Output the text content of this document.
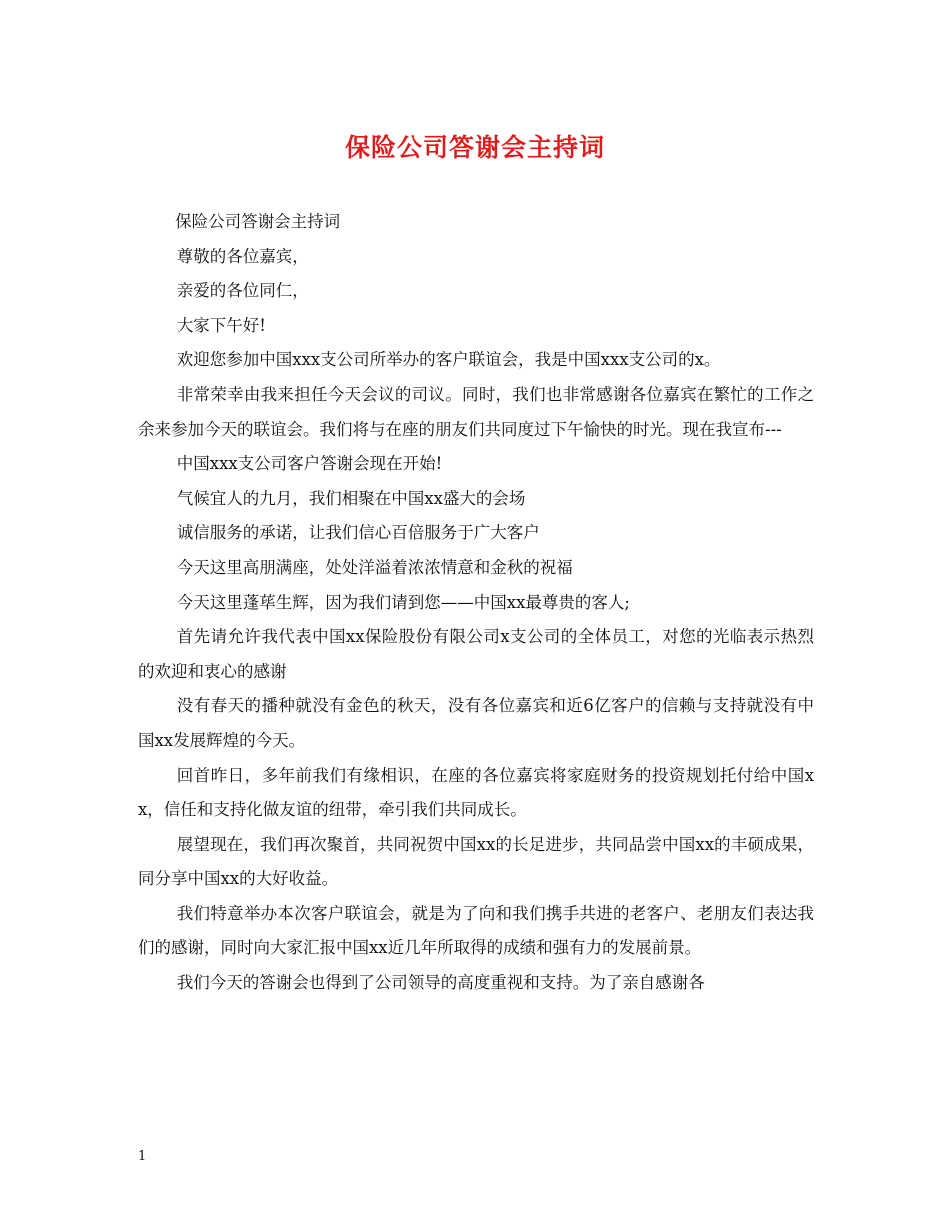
保险公司答谢会主持词

保险公司答谢会主持词

尊敬的各位嘉宾，

亲爱的各位同仁，

大家下午好!

欢迎您参加中国xxx支公司所举办的客户联谊会，我是中国xxx支公司的x。

非常荣幸由我来担任今天会议的司议。同时，我们也非常感谢各位嘉宾在繁忙的工作之余来参加今天的联谊会。我们将与在座的朋友们共同度过下午愉快的时光。现在我宣布---

中国xxx支公司客户答谢会现在开始!

气候宜人的九月，我们相聚在中国xx盛大的会场

诚信服务的承诺，让我们信心百倍服务于广大客户

今天这里高朋满座，处处洋溢着浓浓情意和金秋的祝福

今天这里蓬荜生辉，因为我们请到您——中国xx最尊贵的客人;

首先请允许我代表中国xx保险股份有限公司x支公司的全体员工，对您的光临表示热烈的欢迎和衷心的感谢

没有春天的播种就没有金色的秋天，没有各位嘉宾和近6亿客户的信赖与支持就没有中国xx发展辉煌的今天。

回首昨日，多年前我们有缘相识，在座的各位嘉宾将家庭财务的投资规划托付给中国xx，信任和支持化做友谊的纽带，牵引我们共同成长。

展望现在，我们再次聚首，共同祝贺中国xx的长足进步，共同品尝中国xx的丰硕成果，同分享中国xx的大好收益。

我们特意举办本次客户联谊会，就是为了向和我们携手共进的老客户、老朋友们表达我们的感谢，同时向大家汇报中国xx近几年所取得的成绩和强有力的发展前景。

我们今天的答谢会也得到了公司领导的高度重视和支持。为了亲自感谢各

1
